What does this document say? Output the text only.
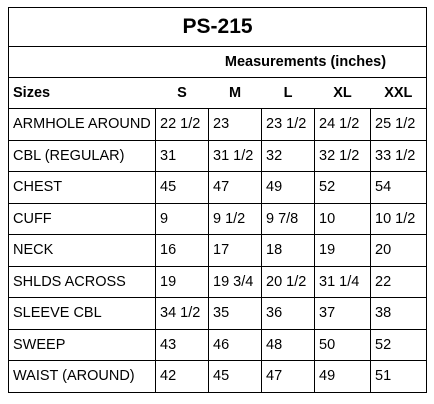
PS-215					
Measurements (inches)					
Sizes	S	M	L	XL	XXL
ARMHOLE AROUND	22 1/2	23	23 1/2	24 1/2	25 1/2
CBL (REGULAR)	31	31 1/2	32	32 1/2	33 1/2
CHEST	45	47	49	52	54
CUFF	9	9 1/2	9 7/8	10	10 1/2
NECK	16	17	18	19	20
SHLDS ACROSS	19	19 3/4	20 1/2	31 1/4	22
SLEEVE CBL	34 1/2	35	36	37	38
SWEEP	43	46	48	50	52
WAIST (AROUND)	42	45	47	49	51
